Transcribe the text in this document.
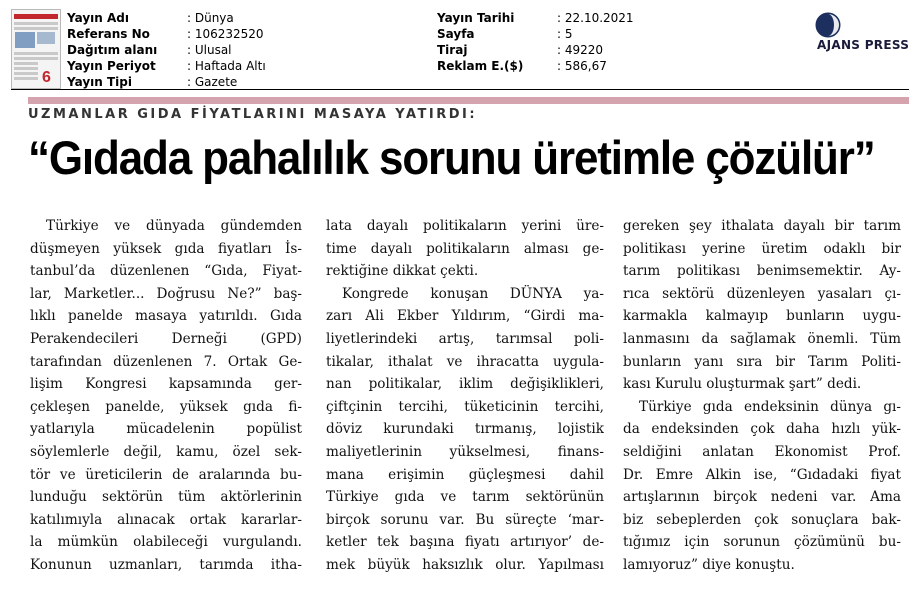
6
Yayın Adı	: Dünya
Referans No	: 106232520
Dağıtım alanı	: Ulusal
Yayın Periyot	: Haftada Altı
Yayın Tipi	: Gazete
Yayın Tarihi	: 22.10.2021
Sayfa	: 5
Tiraj	: 49220
Reklam E.($)	: 586,67
AJANS PRESS
UZMANLAR GIDA FİYATLARINI MASAYA YATIRDI:
“Gıdada pahalılık sorunu üretimle çözülür”
Türkiye ve dünyada gündemden
düşmeyen yüksek gıda fiyatları İs-
tanbul’da düzenlenen “Gıda, Fiyat-
lar, Marketler... Doğrusu Ne?” baş-
lıklı panelde masaya yatırıldı. Gıda
Perakendecileri Derneği (GPD)
tarafından düzenlenen 7. Ortak Ge-
lişim Kongresi kapsamında ger-
çekleşen panelde, yüksek gıda fi-
yatlarıyla mücadelenin popülist
söylemlerle değil, kamu, özel sek-
tör ve üreticilerin de aralarında bu-
lunduğu sektörün tüm aktörlerinin
katılımıyla alınacak ortak kararlar-
la mümkün olabileceği vurgulandı.
Konunun uzmanları, tarımda itha-
lata dayalı politikaların yerini üre-
time dayalı politikaların alması ge-
rektiğine dikkat çekti.
Kongrede konuşan DÜNYA ya-
zarı Ali Ekber Yıldırım, “Girdi ma-
liyetlerindeki artış, tarımsal poli-
tikalar, ithalat ve ihracatta uygula-
nan politikalar, iklim değişiklikleri,
çiftçinin tercihi, tüketicinin tercihi,
döviz kurundaki tırmanış, lojistik
maliyetlerinin yükselmesi, finans-
mana erişimin güçleşmesi dahil
Türkiye gıda ve tarım sektörünün
birçok sorunu var. Bu süreçte ‘mar-
ketler tek başına fiyatı artırıyor’ de-
mek büyük haksızlık olur. Yapılması
gereken şey ithalata dayalı bir tarım
politikası yerine üretim odaklı bir
tarım politikası benimsemektir. Ay-
rıca sektörü düzenleyen yasaları çı-
karmakla kalmayıp bunların uygu-
lanmasını da sağlamak önemli. Tüm
bunların yanı sıra bir Tarım Politi-
kası Kurulu oluşturmak şart” dedi.
Türkiye gıda endeksinin dünya gı-
da endeksinden çok daha hızlı yük-
seldiğini anlatan Ekonomist Prof.
Dr. Emre Alkin ise, “Gıdadaki fiyat
artışlarının birçok nedeni var. Ama
biz sebeplerden çok sonuçlara bak-
tığımız için sorunun çözümünü bu-
lamıyoruz” diye konuştu.
